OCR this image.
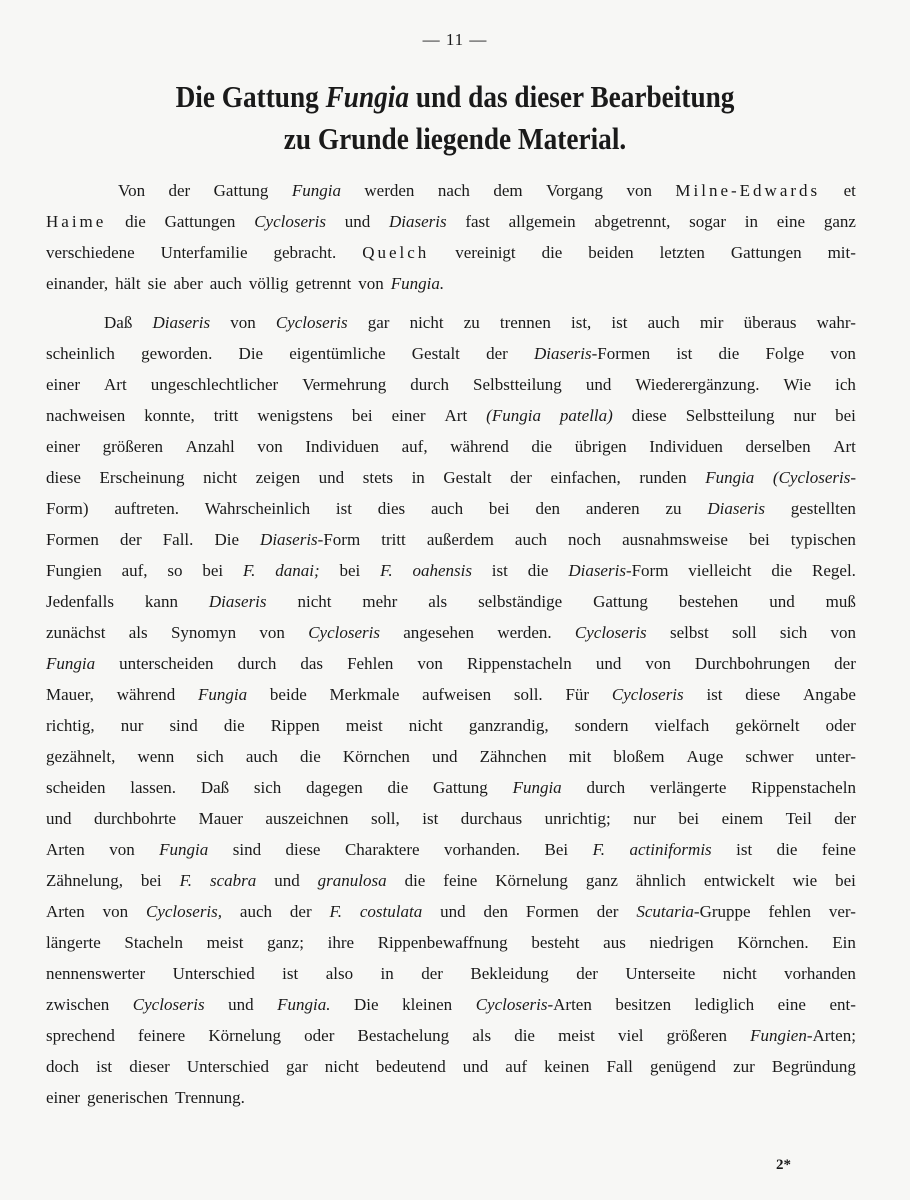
— 11 —
Die Gattung Fungia und das dieser Bearbeitung
zu Grunde liegende Material.
Von der Gattung Fungia werden nach dem Vorgang von Milne-Edwards et
Haime die Gattungen Cycloseris und Diaseris fast allgemein abgetrennt, sogar in eine ganz
verschiedene Unterfamilie gebracht. Quelch vereinigt die beiden letzten Gattungen mit-
einander, hält sie aber auch völlig getrennt von Fungia.
Daß Diaseris von Cycloseris gar nicht zu trennen ist, ist auch mir überaus wahr-
scheinlich geworden. Die eigentümliche Gestalt der Diaseris-Formen ist die Folge von
einer Art ungeschlechtlicher Vermehrung durch Selbstteilung und Wiederergänzung. Wie ich
nachweisen konnte, tritt wenigstens bei einer Art (Fungia patella) diese Selbstteilung nur bei
einer größeren Anzahl von Individuen auf, während die übrigen Individuen derselben Art
diese Erscheinung nicht zeigen und stets in Gestalt der einfachen, runden Fungia (Cycloseris-
Form) auftreten. Wahrscheinlich ist dies auch bei den anderen zu Diaseris gestellten
Formen der Fall. Die Diaseris-Form tritt außerdem auch noch ausnahmsweise bei typischen
Fungien auf, so bei F. danai; bei F. oahensis ist die Diaseris-Form vielleicht die Regel.
Jedenfalls kann Diaseris nicht mehr als selbständige Gattung bestehen und muß
zunächst als Synomyn von Cycloseris angesehen werden. Cycloseris selbst soll sich von
Fungia unterscheiden durch das Fehlen von Rippenstacheln und von Durchbohrungen der
Mauer, während Fungia beide Merkmale aufweisen soll. Für Cycloseris ist diese Angabe
richtig, nur sind die Rippen meist nicht ganzrandig, sondern vielfach gekörnelt oder
gezähnelt, wenn sich auch die Körnchen und Zähnchen mit bloßem Auge schwer unter-
scheiden lassen. Daß sich dagegen die Gattung Fungia durch verlängerte Rippenstacheln
und durchbohrte Mauer auszeichnen soll, ist durchaus unrichtig; nur bei einem Teil der
Arten von Fungia sind diese Charaktere vorhanden. Bei F. actiniformis ist die feine
Zähnelung, bei F. scabra und granulosa die feine Körnelung ganz ähnlich entwickelt wie bei
Arten von Cycloseris, auch der F. costulata und den Formen der Scutaria-Gruppe fehlen ver-
längerte Stacheln meist ganz; ihre Rippenbewaffnung besteht aus niedrigen Körnchen. Ein
nennenswerter Unterschied ist also in der Bekleidung der Unterseite nicht vorhanden
zwischen Cycloseris und Fungia. Die kleinen Cycloseris-Arten besitzen lediglich eine ent-
sprechend feinere Körnelung oder Bestachelung als die meist viel größeren Fungien-Arten;
doch ist dieser Unterschied gar nicht bedeutend und auf keinen Fall genügend zur Begründung
einer generischen Trennung.
2*
